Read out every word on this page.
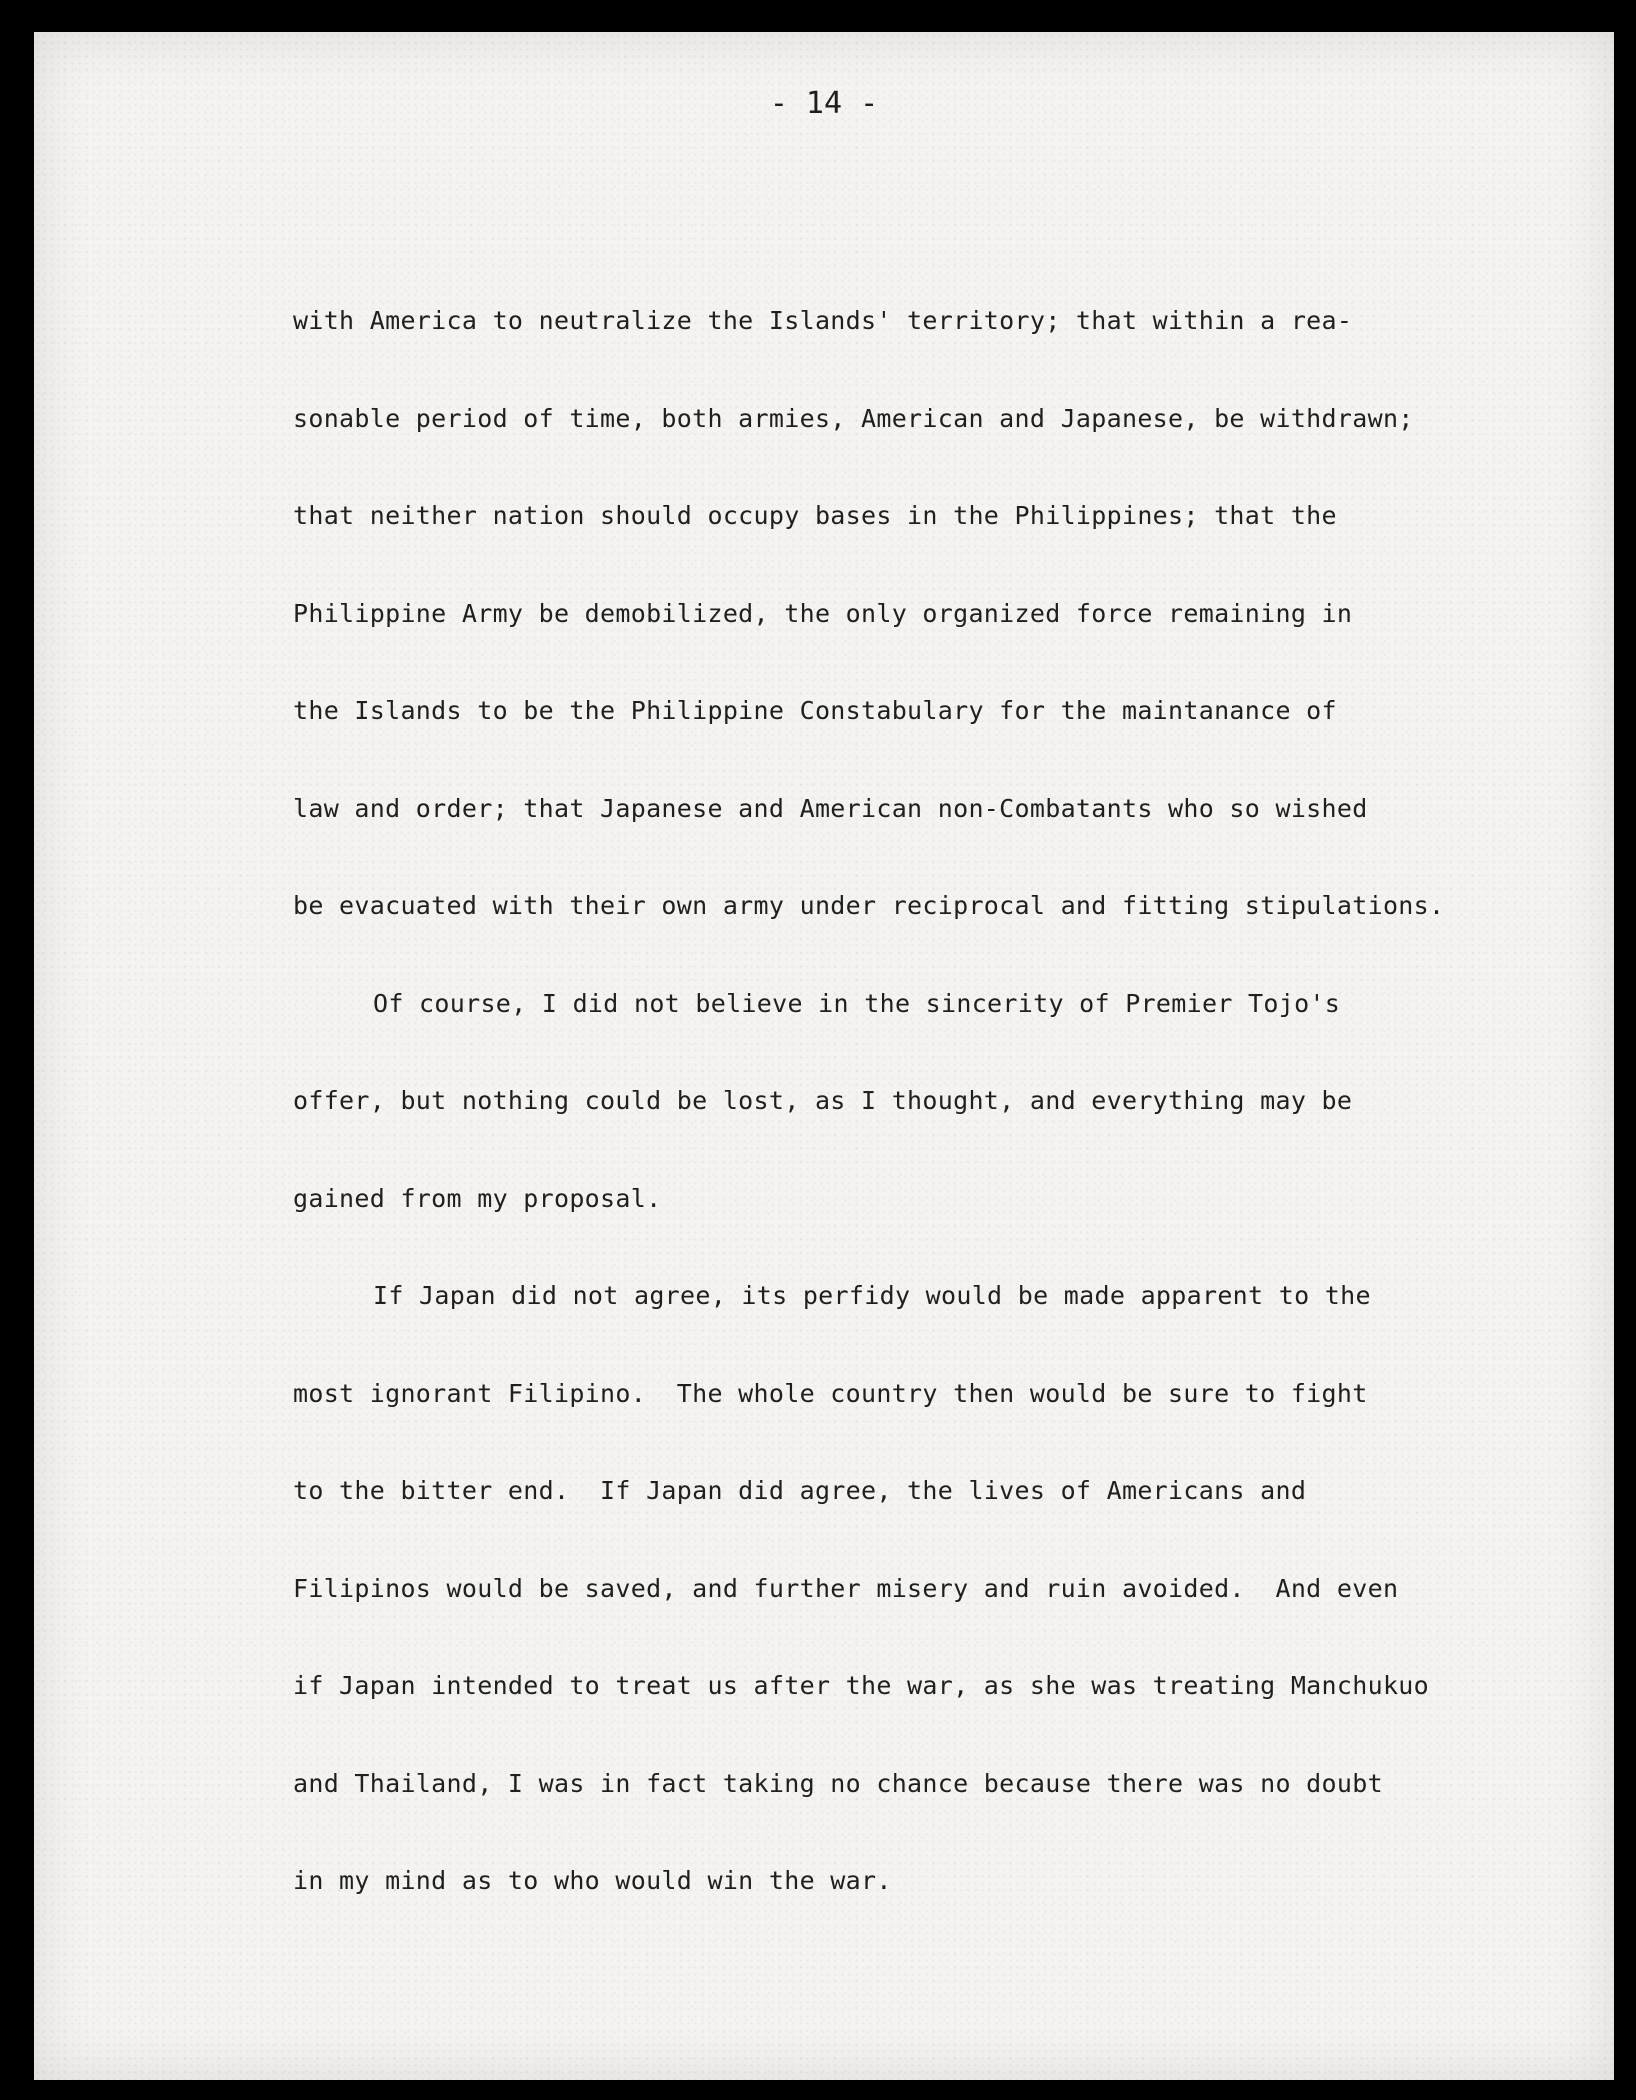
- 14 -
with America to neutralize the Islands' territory; that within a rea-
sonable period of time, both armies, American and Japanese, be withdrawn;
that neither nation should occupy bases in the Philippines; that the
Philippine Army be demobilized, the only organized force remaining in
the Islands to be the Philippine Constabulary for the maintanance of
law and order; that Japanese and American non-Combatants who so wished
be evacuated with their own army under reciprocal and fitting stipulations.
Of course, I did not believe in the sincerity of Premier Tojo's
offer, but nothing could be lost, as I thought, and everything may be
gained from my proposal.
If Japan did not agree, its perfidy would be made apparent to the
most ignorant Filipino.  The whole country then would be sure to fight
to the bitter end.  If Japan did agree, the lives of Americans and
Filipinos would be saved, and further misery and ruin avoided.  And even
if Japan intended to treat us after the war, as she was treating Manchukuo
and Thailand, I was in fact taking no chance because there was no doubt
in my mind as to who would win the war.
